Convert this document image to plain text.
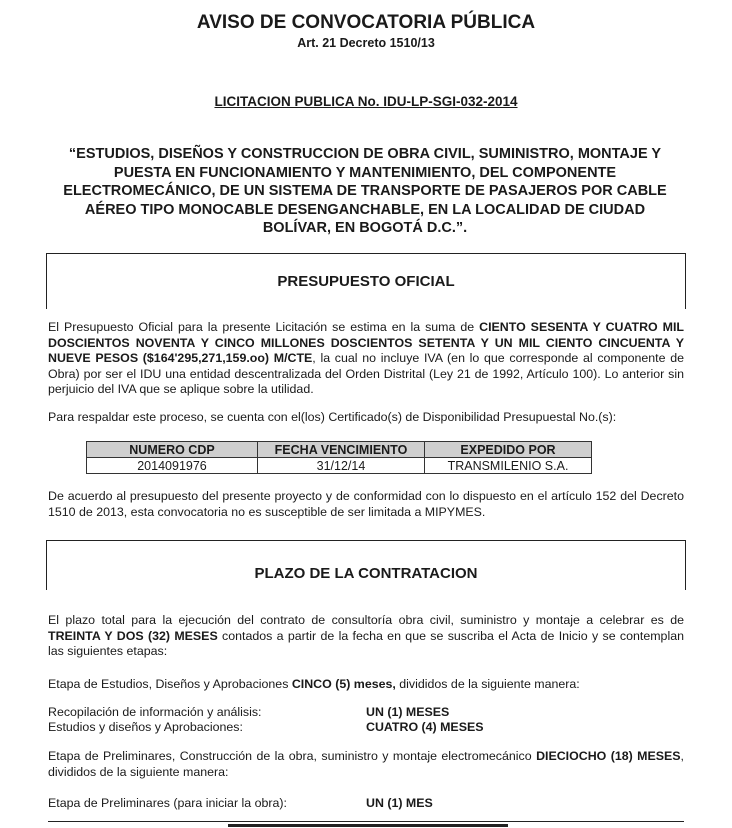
AVISO DE CONVOCATORIA PÚBLICA
Art. 21 Decreto 1510/13
LICITACION PUBLICA No. IDU-LP-SGI-032-2014
“ESTUDIOS, DISEÑOS Y CONSTRUCCION DE OBRA CIVIL, SUMINISTRO, MONTAJE Y
PUESTA EN FUNCIONAMIENTO Y MANTENIMIENTO, DEL COMPONENTE
ELECTROMECÁNICO, DE UN SISTEMA DE TRANSPORTE DE PASAJEROS POR CABLE
AÉREO TIPO MONOCABLE DESENGANCHABLE, EN LA LOCALIDAD DE CIUDAD
BOLÍVAR, EN BOGOTÁ D.C.”.
PRESUPUESTO OFICIAL
El Presupuesto Oficial para la presente Licitación se estima en la suma de CIENTO SESENTA Y CUATRO MIL DOSCIENTOS NOVENTA Y CINCO MILLONES DOSCIENTOS SETENTA Y UN MIL CIENTO CINCUENTA Y NUEVE PESOS ($164'295,271,159.oo) M/CTE, la cual no incluye IVA (en lo que corresponde al componente de Obra) por ser el IDU una entidad descentralizada del Orden Distrital (Ley 21 de 1992, Artículo 100). Lo anterior sin perjuicio del IVA que se aplique sobre la utilidad.
Para respaldar este proceso, se cuenta con el(los) Certificado(s) de Disponibilidad Presupuestal No.(s):
NUMERO CDP	FECHA VENCIMIENTO	EXPEDIDO POR
2014091976	31/12/14	TRANSMILENIO S.A.
De acuerdo al presupuesto del presente proyecto y de conformidad con lo dispuesto en el artículo 152 del Decreto 1510 de 2013, esta convocatoria no es susceptible de ser limitada a MIPYMES.
PLAZO DE LA CONTRATACION
El plazo total para la ejecución del contrato de consultoría obra civil, suministro y montaje a celebrar es de TREINTA Y DOS (32) MESES contados a partir de la fecha en que se suscriba el Acta de Inicio y se contemplan las siguientes etapas:
Etapa de Estudios, Diseños y Aprobaciones CINCO (5) meses, divididos de la siguiente manera:
Recopilación de información y análisis:	UN (1) MESES
Estudios y diseños y Aprobaciones:	CUATRO (4) MESES
Etapa de Preliminares, Construcción de la obra, suministro y montaje electromecánico DIECIOCHO (18) MESES, divididos de la siguiente manera:
Etapa de Preliminares (para iniciar la obra):	UN (1) MES
